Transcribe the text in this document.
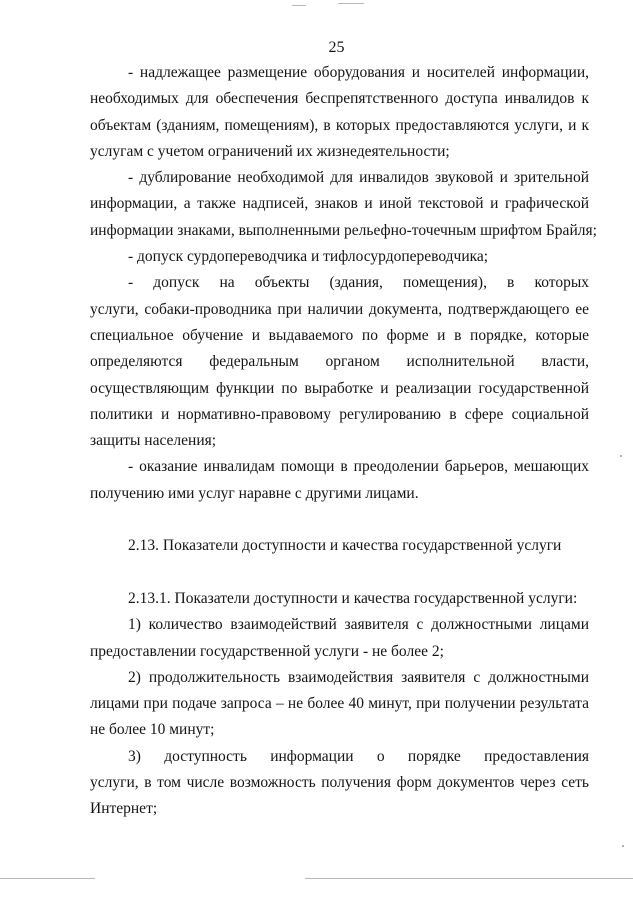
25
- надлежащее размещение оборудования и носителей информации,
необходимых для обеспечения беспрепятственного доступа инвалидов к
объектам (зданиям, помещениям), в которых предоставляются услуги, и к
услугам с учетом ограничений их жизнедеятельности;
- дублирование необходимой для инвалидов звуковой и зрительной
информации, а также надписей, знаков и иной текстовой и графической
информации знаками, выполненными рельефно-точечным шрифтом Брайля;
- допуск сурдопереводчика и тифлосурдопереводчика;
- допуск на объекты (здания, помещения), в которых
услуги, собаки-проводника при наличии документа, подтверждающего ее
специальное обучение и выдаваемого по форме и в порядке, которые
определяются федеральным органом исполнительной власти,
осуществляющим функции по выработке и реализации государственной
политики и нормативно-правовому регулированию в сфере социальной
защиты населения;
- оказание инвалидам помощи в преодолении барьеров, мешающих
получению ими услуг наравне с другими лицами.
2.13. Показатели доступности и качества государственной услуги
2.13.1. Показатели доступности и качества государственной услуги:
1) количество взаимодействий заявителя с должностными лицами
предоставлении государственной услуги - не более 2;
2) продолжительность взаимодействия заявителя с должностными
лицами при подаче запроса – не более 40 минут, при получении результата
не более 10 минут;
3) доступность информации о порядке предоставления
услуги, в том числе возможность получения форм документов через сеть
Интернет;
